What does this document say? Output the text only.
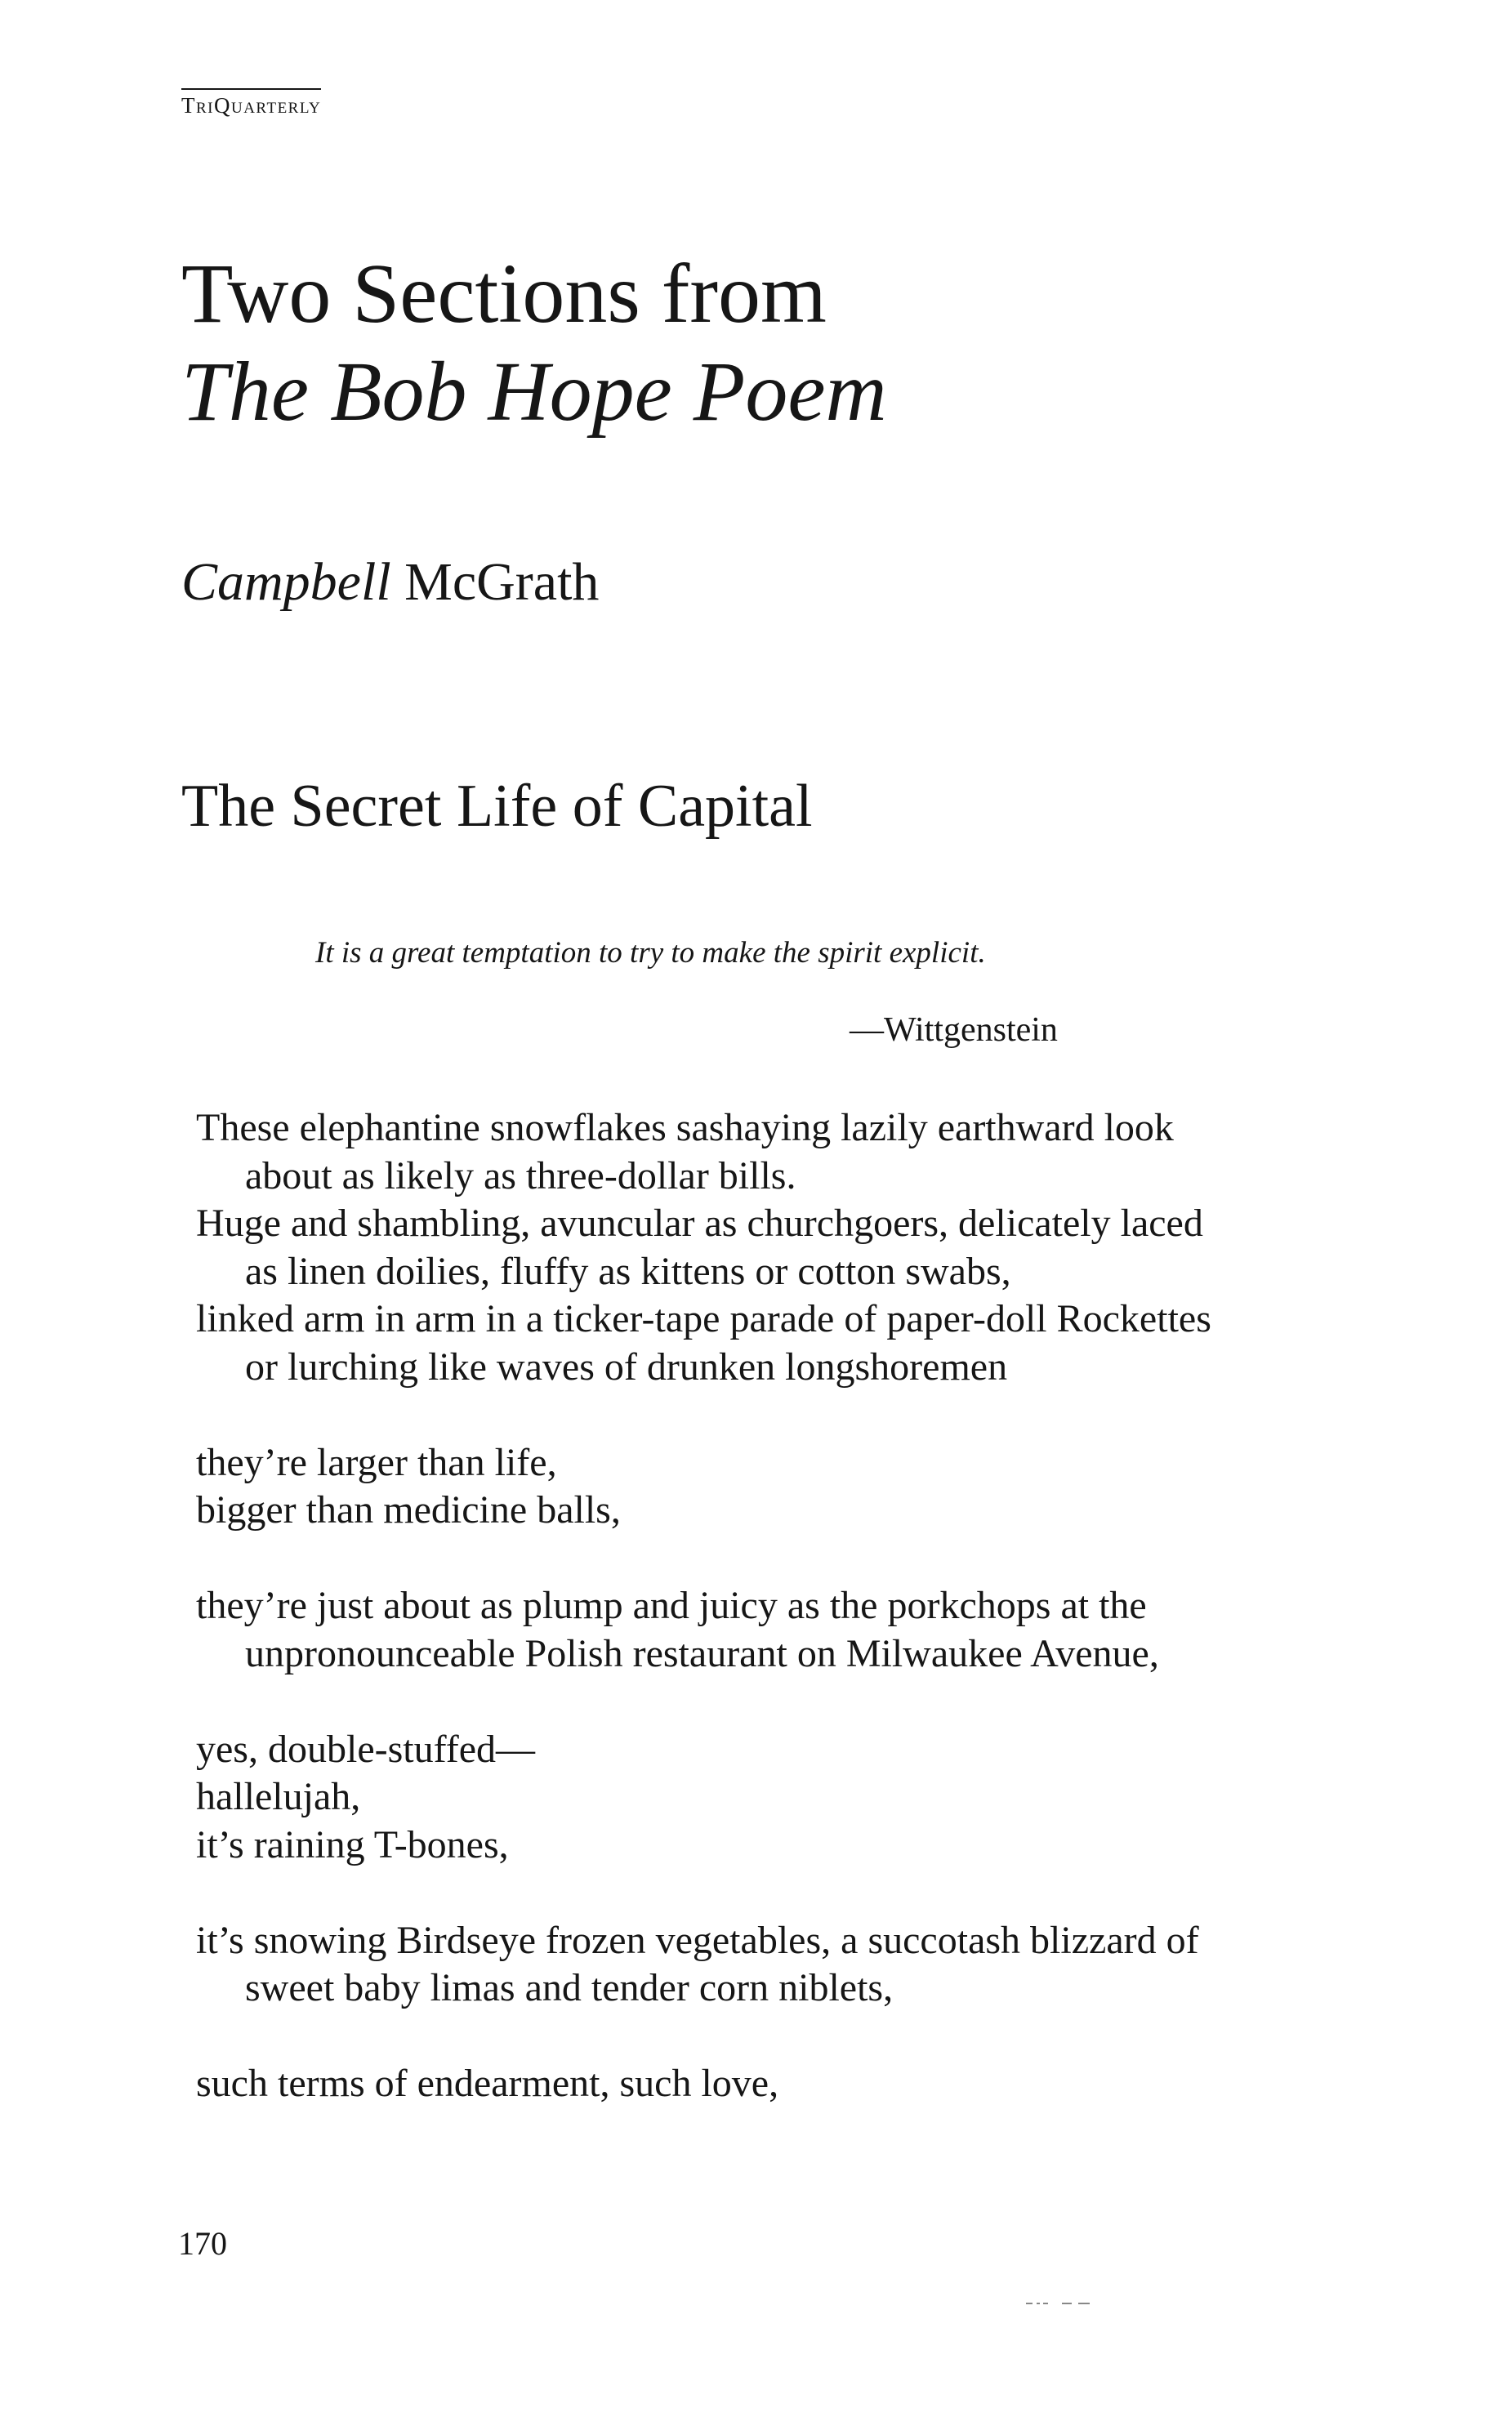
TriQuarterly
Two Sections from
The Bob Hope Poem
Campbell McGrath
The Secret Life of Capital
It is a great temptation to try to make the spirit explicit.
—Wittgenstein
These elephantine snowflakes sashaying lazily earthward look
about as likely as three-dollar bills.
Huge and shambling, avuncular as churchgoers, delicately laced
as linen doilies, fluffy as kittens or cotton swabs,
linked arm in arm in a ticker-tape parade of paper-doll Rockettes
or lurching like waves of drunken longshoremen
they’re larger than life,
bigger than medicine balls,
they’re just about as plump and juicy as the porkchops at the
unpronounceable Polish restaurant on Milwaukee Avenue,
yes, double-stuffed—
hallelujah,
it’s raining T-bones,
it’s snowing Birdseye frozen vegetables, a succotash blizzard of
sweet baby limas and tender corn niblets,
such terms of endearment, such love,
170
